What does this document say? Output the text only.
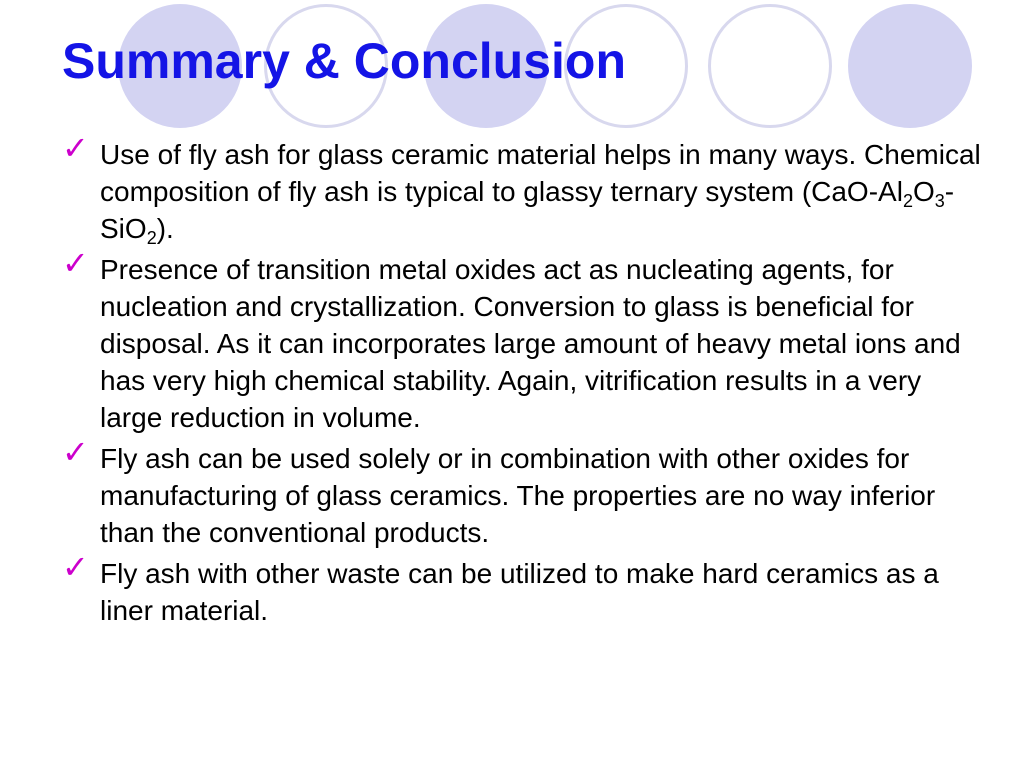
Summary & Conclusion
✓ Use of fly ash for glass ceramic material helps in many ways. Chemical composition of fly ash is typical to glassy ternary system $(CaO-Al_2O_3-SiO_2)$.
✓ Presence of transition metal oxides act as nucleating agents, for nucleation and crystallization. Conversion to glass is beneficial for disposal. As it can incorporates large amount of heavy metal ions and has very high chemical stability. Again, vitrification results in a very large reduction in volume.
✓ Fly ash can be used solely or in combination with other oxides for manufacturing of glass ceramics. The properties are no way inferior than the conventional products.
✓ Fly ash with other waste can be utilized to make hard ceramics as a liner material.
